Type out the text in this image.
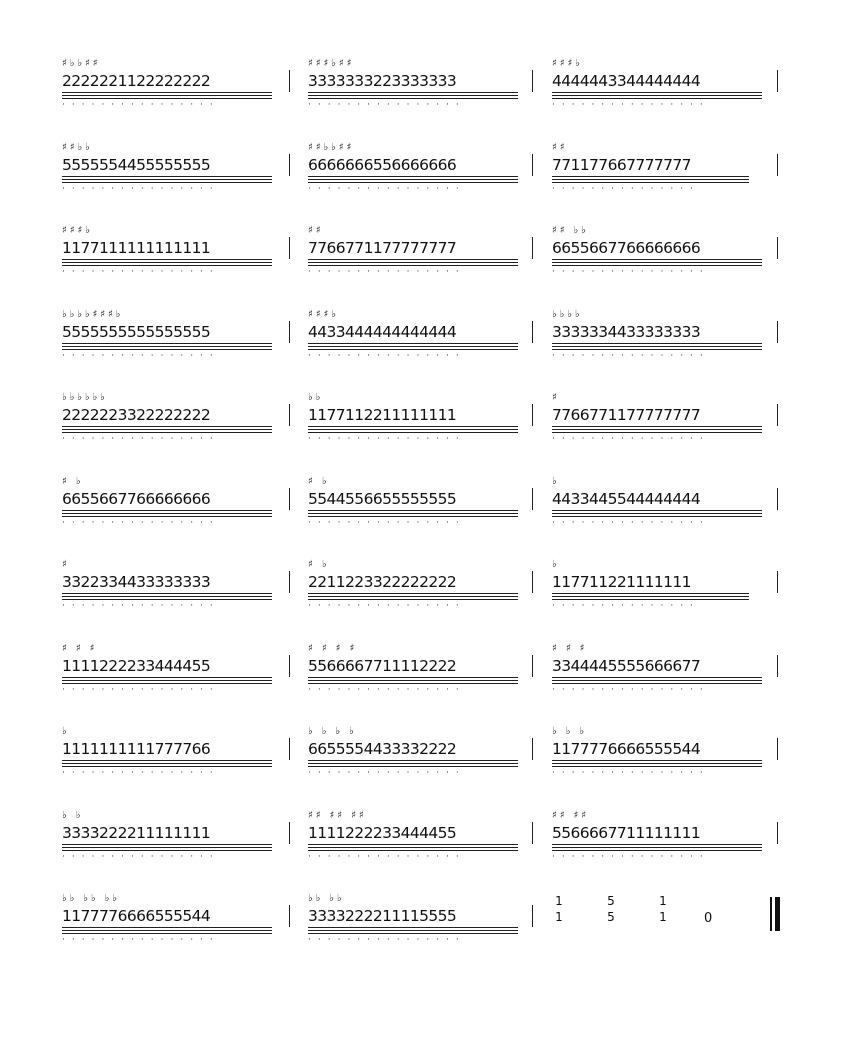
♯♭♭♯♯
2222221122222222
················
♯♯♯♭♯♯
3333333223333333
················
♯♯♯♭
4444443344444444
················
♯♯♭♭
5555554455555555
················
♯♯♭♭♯♯
6666666556666666
················
♯♯
771177667777777
···············
♯♯♯♭
1177111111111111
················
♯♯
7766771177777777
················
♯♯ ♭♭
6655667766666666
················
♭♭♭♭♯♯♯♭
5555555555555555
················
♯♯♯♭
4433444444444444
················
♭♭♭♭
3333334433333333
················
♭♭♭♭♭♭
2222223322222222
················
♭♭
1177112211111111
················
♯
7766771177777777
················
♯ ♭
6655667766666666
················
♯ ♭
5544556655555555
················
♭
4433445544444444
················
♯
3322334433333333
················
♯ ♭
2211223322222222
················
♭
117711221111111
···············
♯ ♯ ♯
1111222233444455
················
♯ ♯ ♯ ♯
5566667711112222
················
♯ ♯ ♯
3344445555666677
················
♭
1111111111777766
················
♭ ♭ ♭ ♭
6655554433332222
················
♭ ♭ ♭
1177776666555544
················
♭ ♭
3333222211111111
················
♯♯ ♯♯ ♯♯
1111222233444455
················
♯♯ ♯♯
5566667711111111
················
♭♭ ♭♭ ♭♭
1177776666555544
················
♭♭ ♭♭
3333222211115555
················
1
1
5
5
1
1	0
